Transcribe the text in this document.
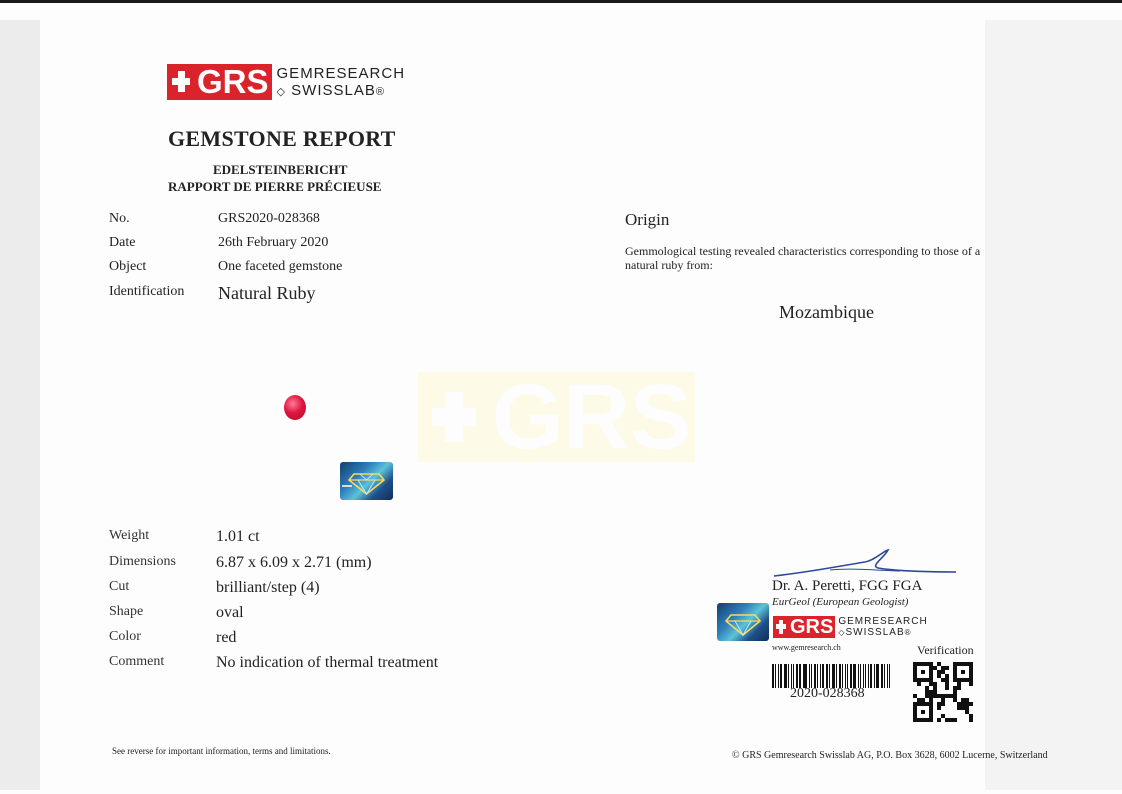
GRS GEMRESEARCH
◇ SWISSLAB®
GEMSTONE REPORT
EDELSTEINBERICHT
RAPPORT DE PIERRE PRÉCIEUSE
No.	GRS2020-028368
Date	26th February 2020
Object	One faceted gemstone
Identification Natural Ruby
Origin
Gemmological testing revealed characteristics corresponding to those of a natural ruby from:
Mozambique
GRS
Weight	1.01 ct
Dimensions	6.87 x 6.09 x 2.71 (mm)
Cut	brilliant/step (4)
Shape	oval
Color	red
Comment	No indication of thermal treatment
Dr. A. Peretti, FGG FGA
EurGeol (European Geologist)
GRS GEMRESEARCH
◇SWISSLAB®
www.gemresearch.ch	Verification
2020-028368
See reverse for important information, terms and limitations.	© GRS Gemresearch Swisslab AG, P.O. Box 3628, 6002 Lucerne, Switzerland
